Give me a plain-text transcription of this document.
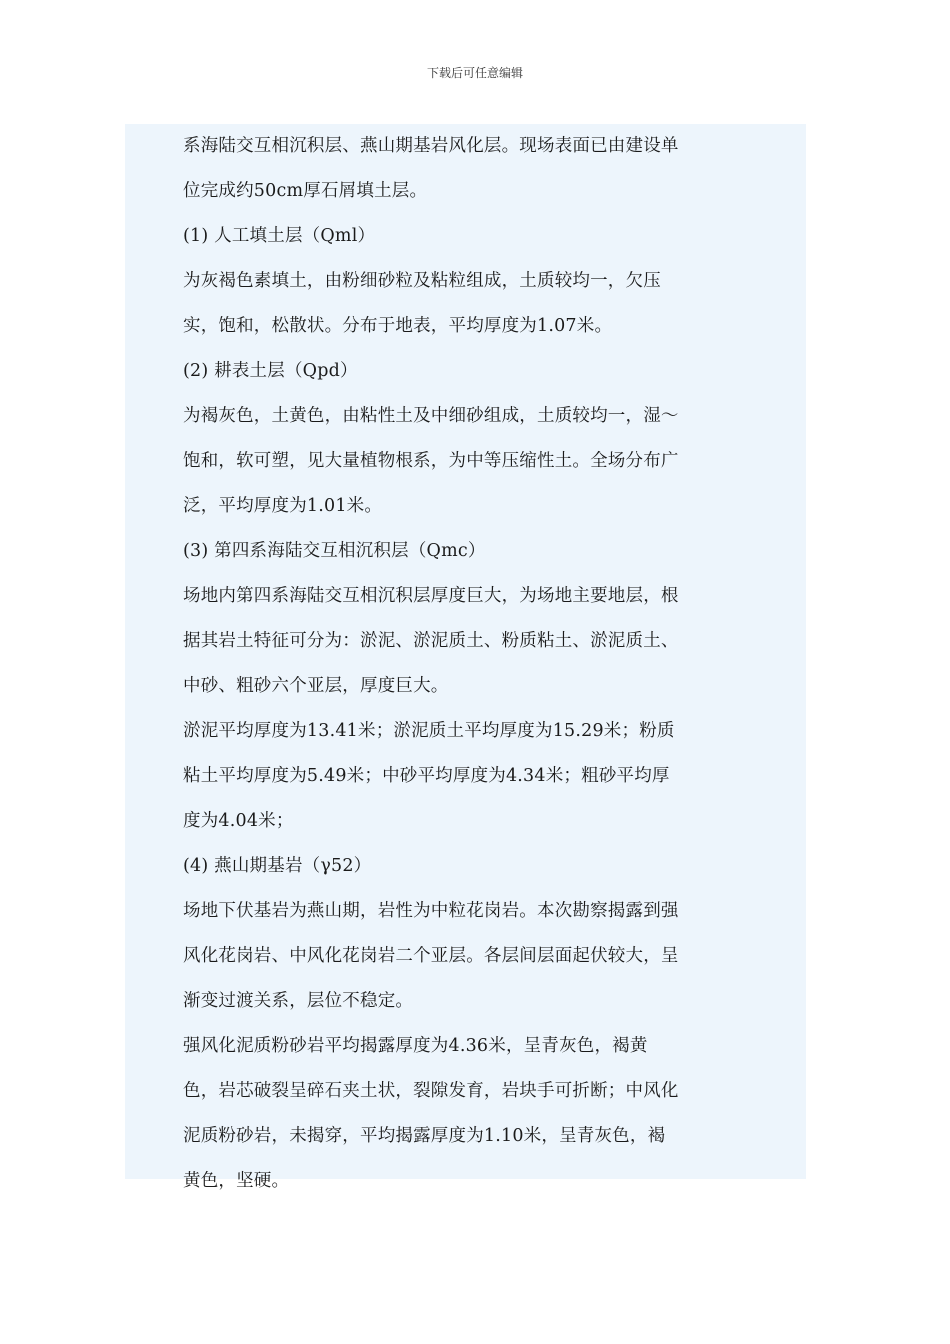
下载后可任意编辑

系海陆交互相沉积层、燕山期基岩风化层。现场表面已由建设单

位完成约50cm厚石屑填土层。

(1) 人工填土层（Qml）

为灰褐色素填土，由粉细砂粒及粘粒组成，土质较均一，欠压

实，饱和，松散状。分布于地表，平均厚度为1.07米。

(2) 耕表土层（Qpd）

为褐灰色，土黄色，由粘性土及中细砂组成，土质较均一，湿～

饱和，软可塑，见大量植物根系，为中等压缩性土。全场分布广

泛，平均厚度为1.01米。

(3) 第四系海陆交互相沉积层（Qmc）

场地内第四系海陆交互相沉积层厚度巨大，为场地主要地层，根

据其岩土特征可分为：淤泥、淤泥质土、粉质粘土、淤泥质土、

中砂、粗砂六个亚层，厚度巨大。

淤泥平均厚度为13.41米；淤泥质土平均厚度为15.29米；粉质

粘土平均厚度为5.49米；中砂平均厚度为4.34米；粗砂平均厚

度为4.04米；

(4) 燕山期基岩（γ52）

场地下伏基岩为燕山期，岩性为中粒花岗岩。本次勘察揭露到强

风化花岗岩、中风化花岗岩二个亚层。各层间层面起伏较大，呈

渐变过渡关系，层位不稳定。

强风化泥质粉砂岩平均揭露厚度为4.36米，呈青灰色，褐黄

色，岩芯破裂呈碎石夹土状，裂隙发育，岩块手可折断；中风化

泥质粉砂岩，未揭穿，平均揭露厚度为1.10米，呈青灰色，褐

黄色，坚硬。
